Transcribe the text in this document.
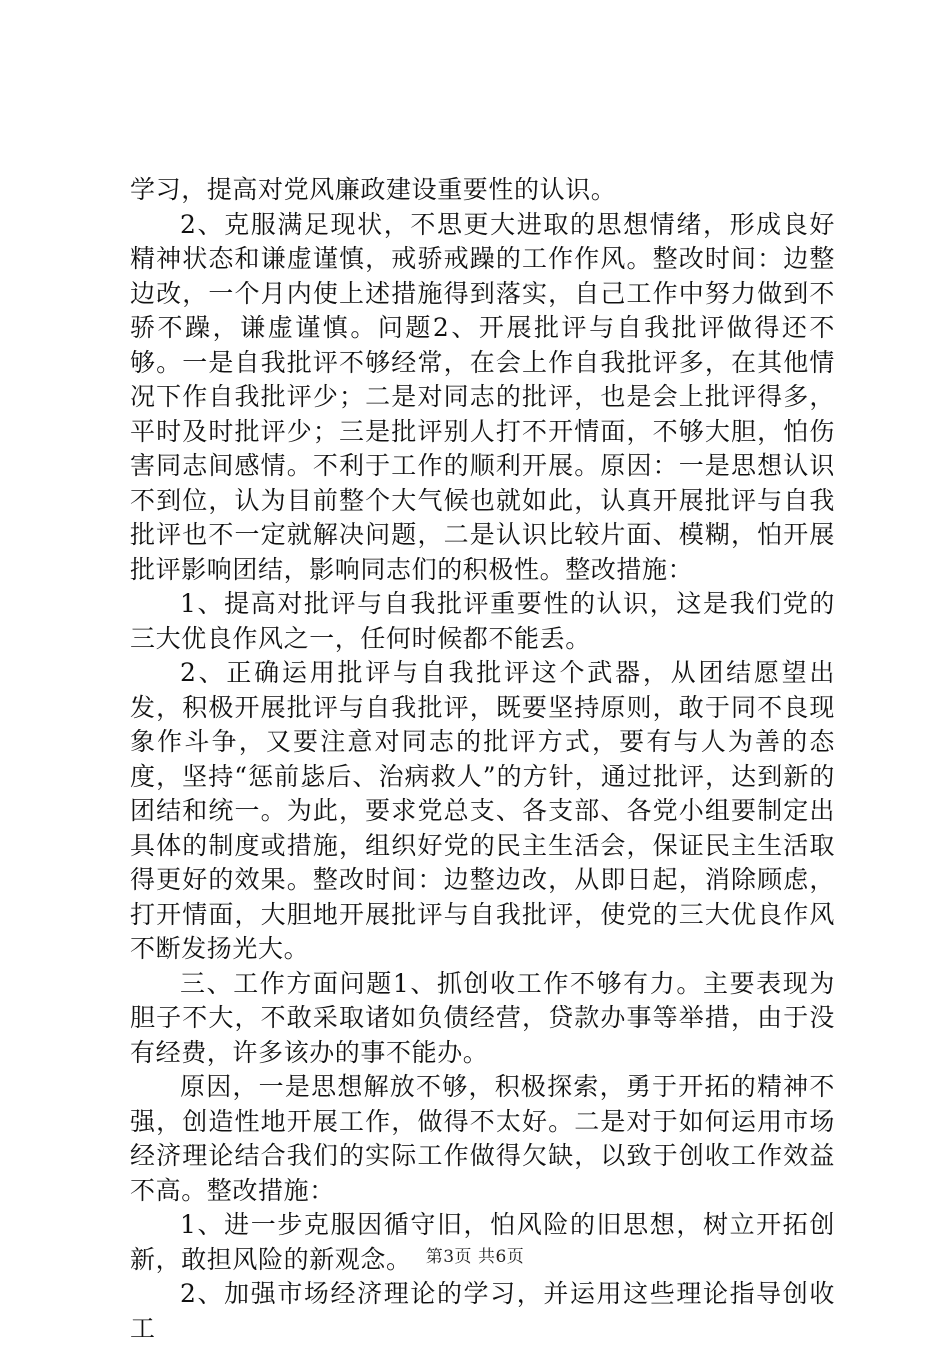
学习，提高对党风廉政建设重要性的认识。

2、克服满足现状，不思更大进取的思想情绪，形成良好精神状态和谦虚谨慎，戒骄戒躁的工作作风。整改时间：边整边改，一个月内使上述措施得到落实，自己工作中努力做到不骄不躁，谦虚谨慎。问题2、开展批评与自我批评做得还不够。一是自我批评不够经常，在会上作自我批评多，在其他情况下作自我批评少；二是对同志的批评，也是会上批评得多，平时及时批评少；三是批评别人打不开情面，不够大胆，怕伤害同志间感情。不利于工作的顺利开展。原因：一是思想认识不到位，认为目前整个大气候也就如此，认真开展批评与自我批评也不一定就解决问题，二是认识比较片面、模糊，怕开展批评影响团结，影响同志们的积极性。整改措施：

1、提高对批评与自我批评重要性的认识，这是我们党的三大优良作风之一，任何时候都不能丢。

2、正确运用批评与自我批评这个武器，从团结愿望出发，积极开展批评与自我批评，既要坚持原则，敢于同不良现象作斗争，又要注意对同志的批评方式，要有与人为善的态度，坚持“惩前毖后、治病救人”的方针，通过批评，达到新的团结和统一。为此，要求党总支、各支部、各党小组要制定出具体的制度或措施，组织好党的民主生活会，保证民主生活取得更好的效果。整改时间：边整边改，从即日起，消除顾虑，打开情面，大胆地开展批评与自我批评，使党的三大优良作风不断发扬光大。

三、工作方面问题1、抓创收工作不够有力。主要表现为胆子不大，不敢采取诸如负债经营，贷款办事等举措，由于没有经费，许多该办的事不能办。

原因，一是思想解放不够，积极探索，勇于开拓的精神不强，创造性地开展工作，做得不太好。二是对于如何运用市场经济理论结合我们的实际工作做得欠缺，以致于创收工作效益不高。整改措施：

1、进一步克服因循守旧，怕风险的旧思想，树立开拓创新，敢担风险的新观念。

2、加强市场经济理论的学习，并运用这些理论指导创收工

第3页 共6页
